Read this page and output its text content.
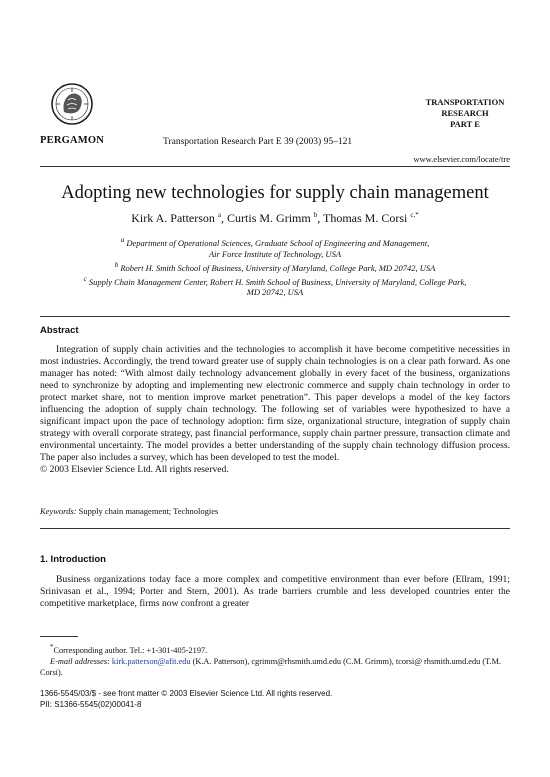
PERGAMON	Transportation Research Part E 39 (2003) 95–121
TRANSPORTATION
RESEARCH
PART E
www.elsevier.com/locate/tre
Adopting new technologies for supply chain management
Kirk A. Patterson $^a$, Curtis M. Grimm $^b$, Thomas M. Corsi $^{c,*}$
$^a$ Department of Operational Sciences, Graduate School of Engineering and Management,
Air Force Institute of Technology, USA
$^b$ Robert H. Smith School of Business, University of Maryland, College Park, MD 20742, USA
$^c$ Supply Chain Management Center, Robert H. Smith School of Business, University of Maryland, College Park,
MD 20742, USA
Abstract

Integration of supply chain activities and the technologies to accomplish it have become competitive necessities in most industries. Accordingly, the trend toward greater use of supply chain technologies is on a clear path forward. As one manager has noted: “With almost daily technology advancement globally in every facet of the business, organizations need to synchronize by adopting and implementing new electronic commerce and supply chain technology in order to protect market share, not to mention improve market penetration”. This paper develops a model of the key factors influencing the adoption of supply chain technology. The following set of variables were hypothesized to have a significant impact upon the pace of technology adoption: firm size, organizational structure, integration of supply chain strategy with overall corporate strategy, past financial performance, supply chain partner pressure, transaction climate and environmental uncertainty. The model provides a better understanding of the supply chain technology diffusion process. The paper also includes a survey, which has been developed to test the model.

© 2003 Elsevier Science Ltd. All rights reserved.
Keywords: Supply chain management; Technologies
1. Introduction

Business organizations today face a more complex and competitive environment than ever before (Ellram, 1991; Srinivasan et al., 1994; Porter and Stern, 2001). As trade barriers crumble and less developed countries enter the competitive marketplace, firms now confront a greater

*Corresponding author. Tel.: +1-301-405-2197.

E-mail addresses: kirk.patterson@afit.edu (K.A. Patterson), cgrimm@rhsmith.umd.edu (C.M. Grimm), tcorsi@ rhsmith.umd.edu (T.M. Corsi).

1366-5545/03/$ - see front matter © 2003 Elsevier Science Ltd. All rights reserved.
PII: S1366-5545(02)00041-8
